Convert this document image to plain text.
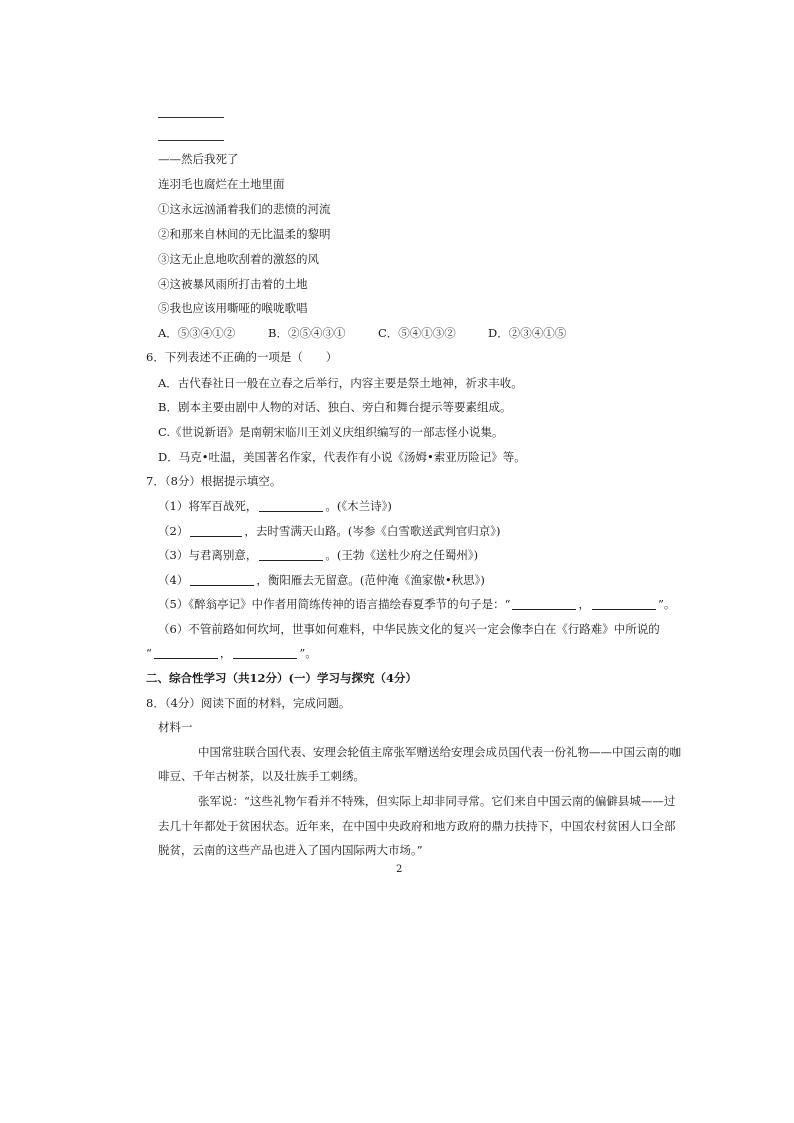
——然后我死了
连羽毛也腐烂在土地里面
①这永远汹涌着我们的悲愤的河流
②和那来自林间的无比温柔的黎明
③这无止息地吹刮着的激怒的风
④这被暴风雨所打击着的土地
⑤我也应该用嘶哑的喉咙歌唱
A．⑤③④①②	B．②⑤④③①	C．⑤④①③②	D．②③④①⑤
6．下列表述不正确的一项是（　　）
A．古代春社日一般在立春之后举行，内容主要是祭土地神，祈求丰收。
B．剧本主要由剧中人物的对话、独白、旁白和舞台提示等要素组成。
C.《世说新语》是南朝宋临川王刘义庆组织编写的一部志怪小说集。
D．马克•吐温，美国著名作家，代表作有小说《汤姆•索亚历险记》等。
7．（8分）根据提示填空。
（1）将军百战死，	。(《木兰诗》)
（2）	，去时雪满天山路。(岑参《白雪歌送武判官归京》)
（3）与君离别意，	。(王勃《送杜少府之任蜀州》)
（4）	，衡阳雁去无留意。(范仲淹《渔家傲•秋思》)
（5）《醉翁亭记》中作者用简练传神的语言描绘春夏季节的句子是：“	，	”。
（6）不管前路如何坎坷，世事如何难料，中华民族文化的复兴一定会像李白在《行路难》中所说的
“	，	”。
二、综合性学习（共12分）(一）学习与探究（4分）
8．（4分）阅读下面的材料，完成问题。
材料一
中国常驻联合国代表、安理会轮值主席张军赠送给安理会成员国代表一份礼物——中国云南的咖
啡豆、千年古树茶，以及壮族手工刺绣。
张军说：“这些礼物乍看并不特殊，但实际上却非同寻常。它们来自中国云南的偏僻县城——过
去几十年都处于贫困状态。近年来，在中国中央政府和地方政府的鼎力扶持下，中国农村贫困人口全部
脱贫，云南的这些产品也进入了国内国际两大市场。”
2
